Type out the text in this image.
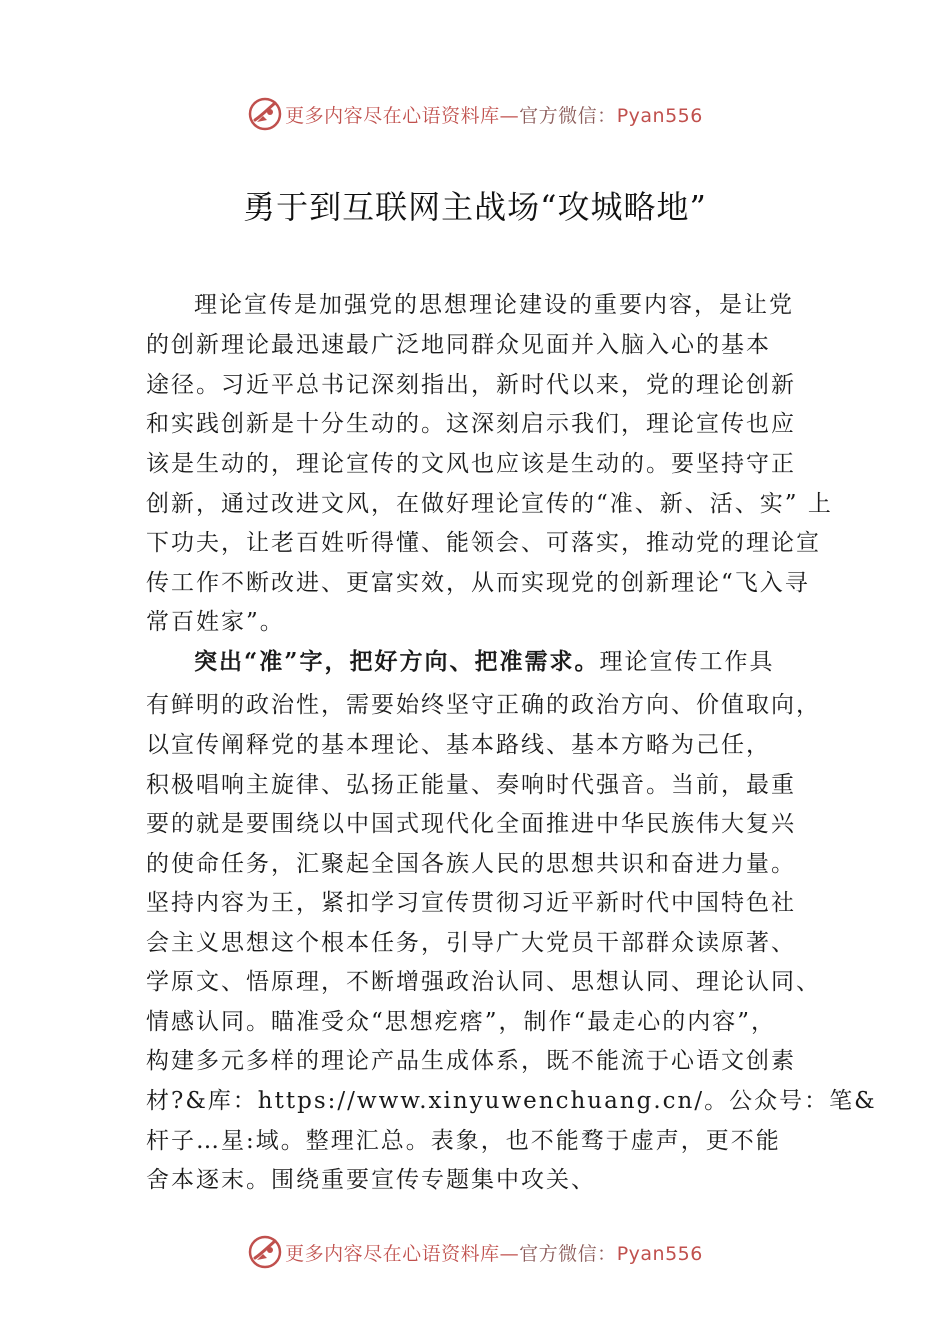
更多内容尽在心语资料库—官方微信：Pyan556
勇于到互联网主战场“攻城略地”
理论宣传是加强党的思想理论建设的重要内容，是让党
的创新理论最迅速最广泛地同群众见面并入脑入心的基本
途径。习近平总书记深刻指出，新时代以来，党的理论创新
和实践创新是十分生动的。这深刻启示我们，理论宣传也应
该是生动的，理论宣传的文风也应该是生动的。要坚持守正
创新，通过改进文风，在做好理论宣传的“准、新、活、实” 上
下功夫，让老百姓听得懂、能领会、可落实，推动党的理论宣
传工作不断改进、更富实效，从而实现党的创新理论“飞入寻
常百姓家”。
突出“准”字，把好方向、把准需求。理论宣传工作具
有鲜明的政治性，需要始终坚守正确的政治方向、价值取向，
以宣传阐释党的基本理论、基本路线、基本方略为己任，
积极唱响主旋律、弘扬正能量、奏响时代强音。当前，最重
要的就是要围绕以中国式现代化全面推进中华民族伟大复兴
的使命任务，汇聚起全国各族人民的思想共识和奋进力量。
坚持内容为王，紧扣学习宣传贯彻习近平新时代中国特色社
会主义思想这个根本任务，引导广大党员干部群众读原著、
学原文、悟原理，不断增强政治认同、思想认同、理论认同、
情感认同。瞄准受众“思想疙瘩”，制作“最走心的内容”，
构建多元多样的理论产品生成体系，既不能流于心语文创素
材?&库：https://www.xinyuwenchuang.cn/。公众号：笔&
杆子…星:域。整理汇总。表象，也不能骛于虚声，更不能
舍本逐末。围绕重要宣传专题集中攻关、
更多内容尽在心语资料库—官方微信：Pyan556
